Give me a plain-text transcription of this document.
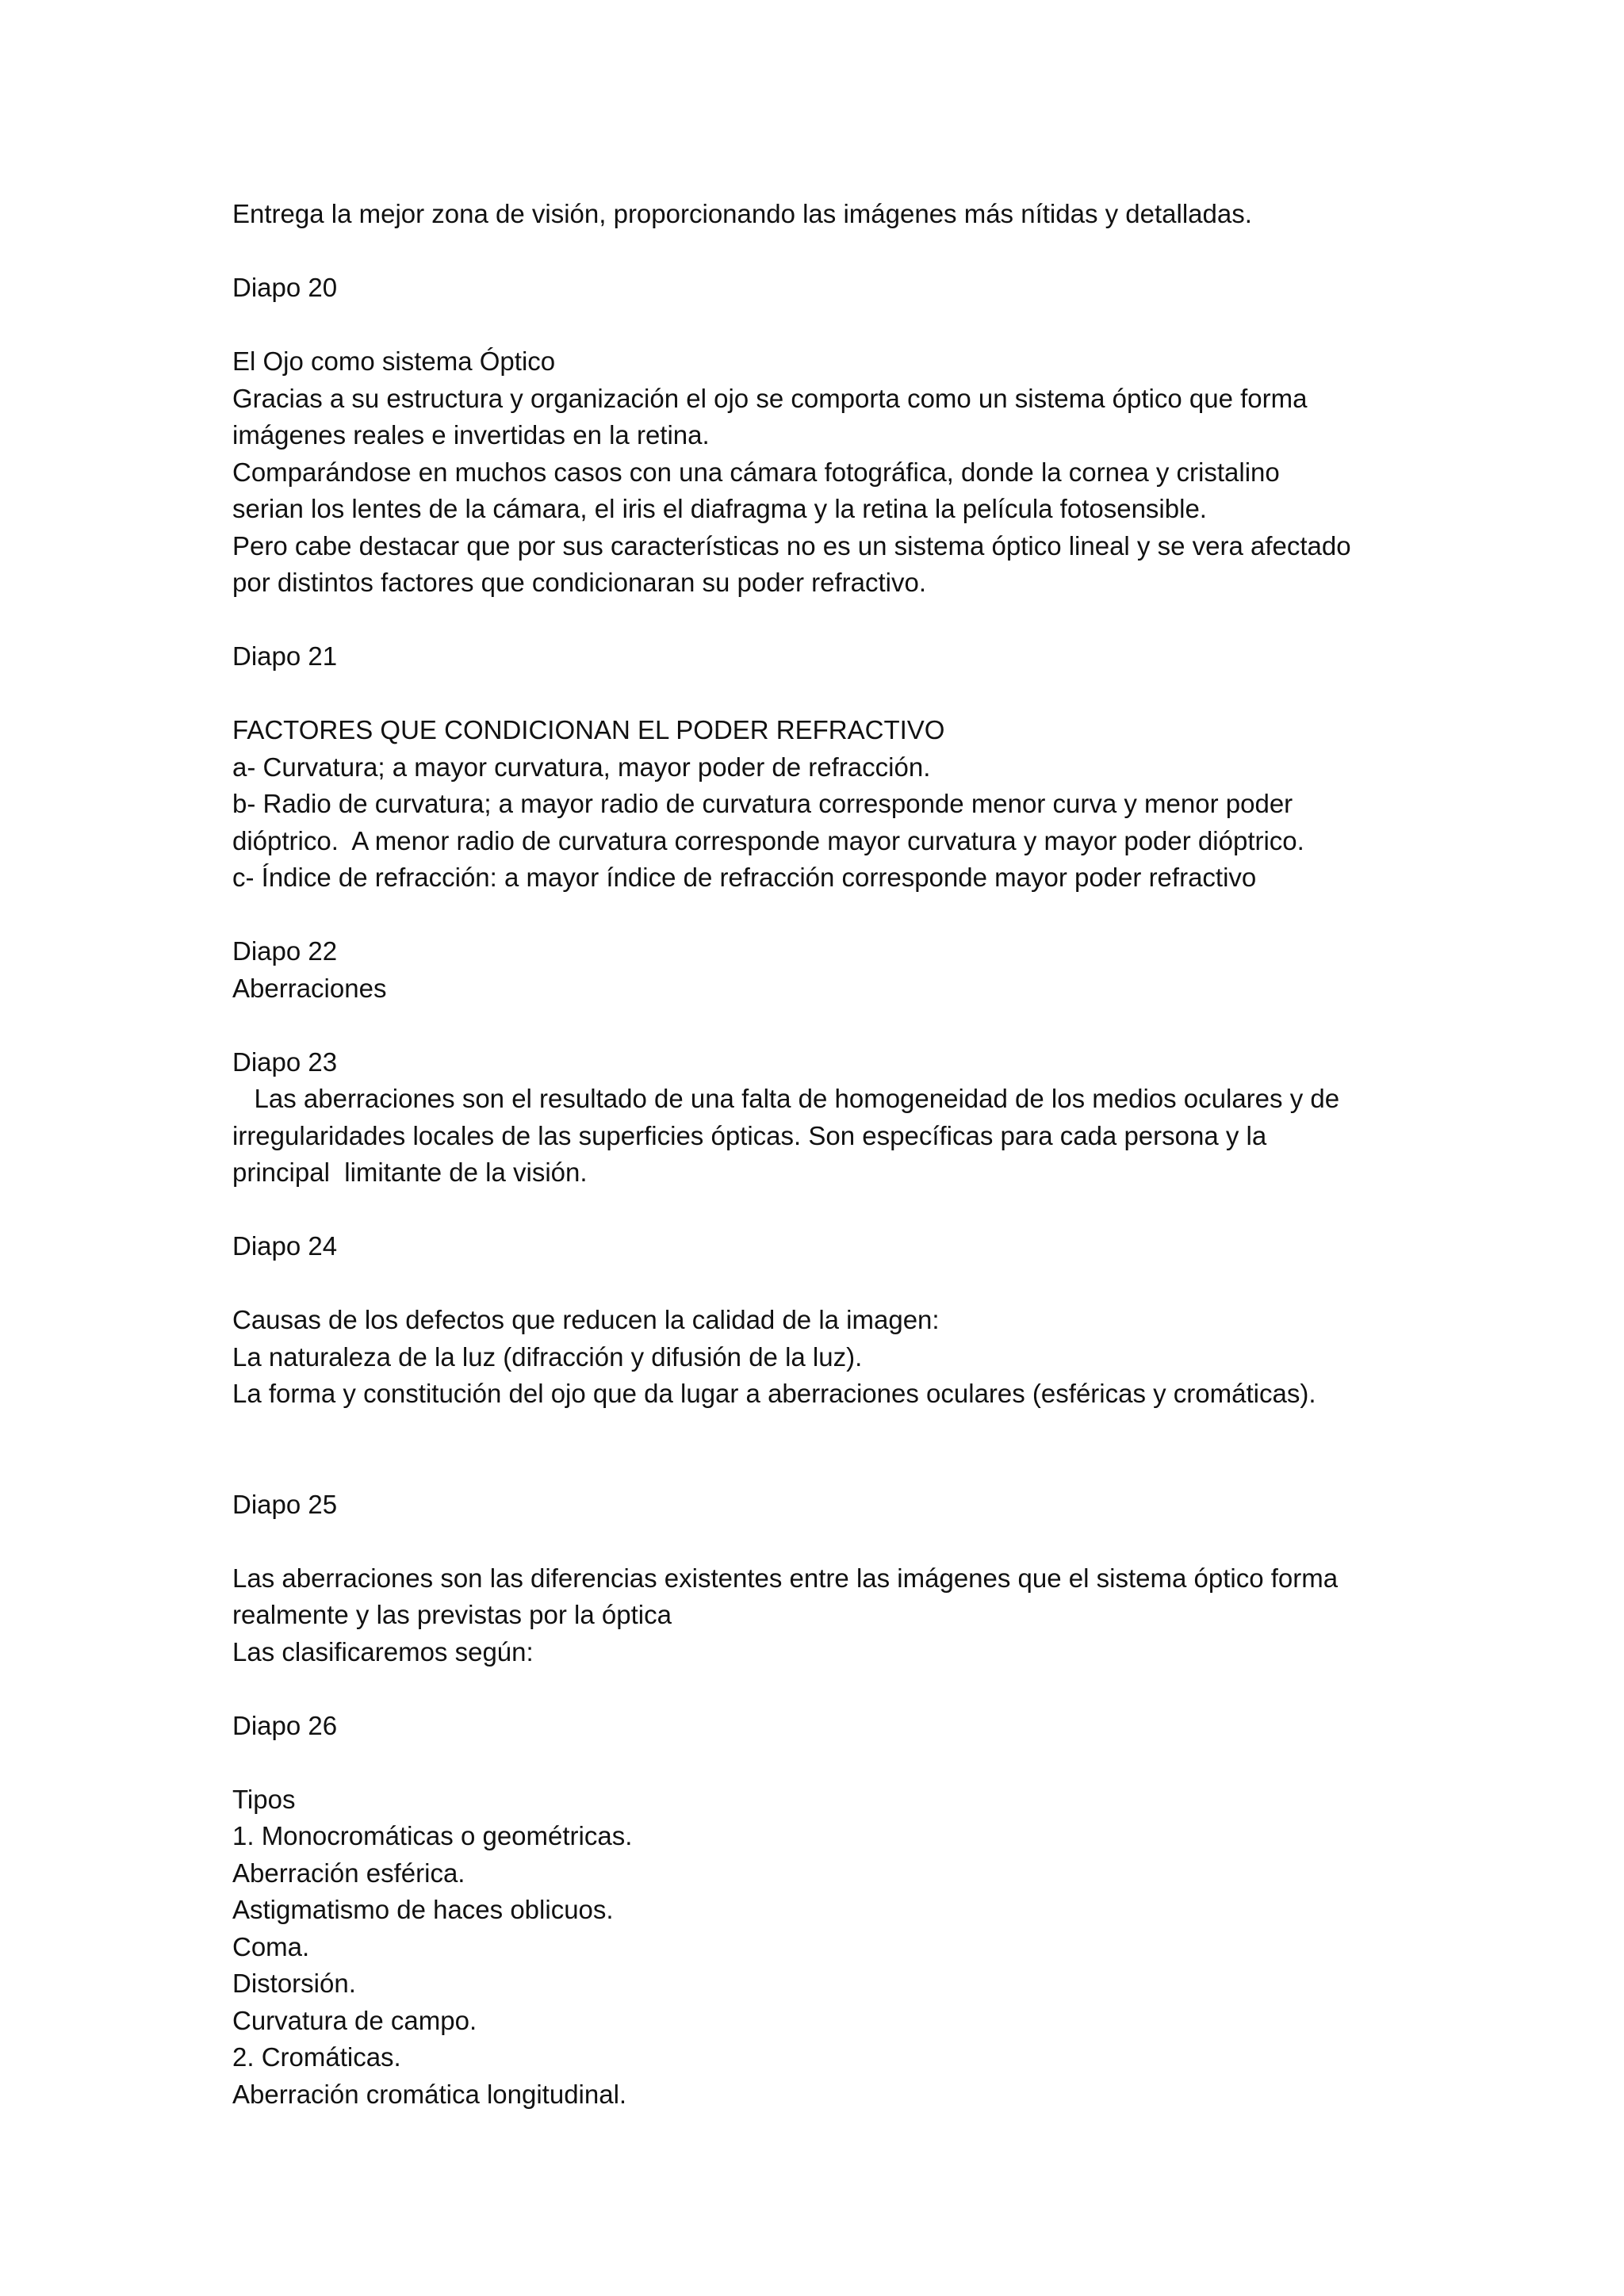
Entrega la mejor zona de visión, proporcionando las imágenes más nítidas y detalladas.
Diapo 20
El Ojo como sistema Óptico
Gracias a su estructura y organización el ojo se comporta como un sistema óptico que forma
imágenes reales e invertidas en la retina.
Comparándose en muchos casos con una cámara fotográfica, donde la cornea y cristalino
serian los lentes de la cámara, el iris el diafragma y la retina la película fotosensible.
Pero cabe destacar que por sus características no es un sistema óptico lineal y se vera afectado
por distintos factores que condicionaran su poder refractivo.
Diapo 21
FACTORES QUE CONDICIONAN EL PODER REFRACTIVO
a- Curvatura; a mayor curvatura, mayor poder de refracción.
b- Radio de curvatura; a mayor radio de curvatura corresponde menor curva y menor poder
dióptrico.  A menor radio de curvatura corresponde mayor curvatura y mayor poder dióptrico.
c- Índice de refracción: a mayor índice de refracción corresponde mayor poder refractivo
Diapo 22
Aberraciones
Diapo 23
Las aberraciones son el resultado de una falta de homogeneidad de los medios oculares y de
irregularidades locales de las superficies ópticas. Son específicas para cada persona y la
principal  limitante de la visión.
Diapo 24
Causas de los defectos que reducen la calidad de la imagen:
La naturaleza de la luz (difracción y difusión de la luz).
La forma y constitución del ojo que da lugar a aberraciones oculares (esféricas y cromáticas).
Diapo 25
Las aberraciones son las diferencias existentes entre las imágenes que el sistema óptico forma
realmente y las previstas por la óptica
Las clasificaremos según:
Diapo 26
Tipos
1. Monocromáticas o geométricas.
Aberración esférica.
Astigmatismo de haces oblicuos.
Coma.
Distorsión.
Curvatura de campo.
2. Cromáticas.
Aberración cromática longitudinal.
